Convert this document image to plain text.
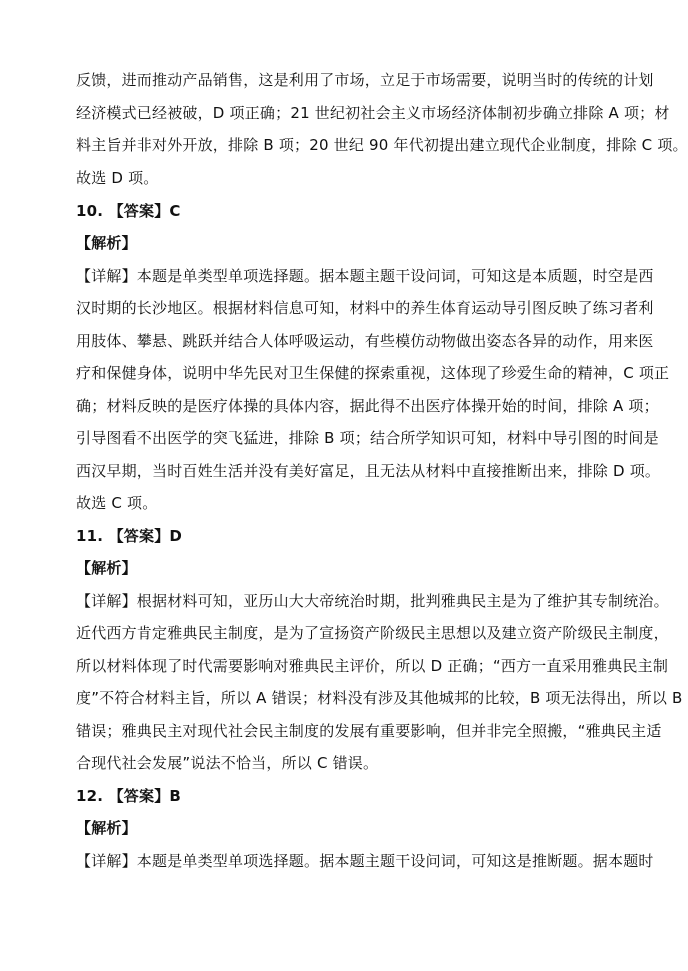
反馈，进而推动产品销售，这是利用了市场，立足于市场需要，说明当时的传统的计划
经济模式已经被破，D 项正确；21 世纪初社会主义市场经济体制初步确立排除 A 项；材
料主旨并非对外开放，排除 B 项；20 世纪 90 年代初提出建立现代企业制度，排除 C 项。
故选 D 项。
10. 【答案】C
【解析】
【详解】本题是单类型单项选择题。据本题主题干设问词，可知这是本质题，时空是西
汉时期的长沙地区。根据材料信息可知，材料中的养生体育运动导引图反映了练习者利
用肢体、攀悬、跳跃并结合人体呼吸运动，有些模仿动物做出姿态各异的动作，用来医
疗和保健身体，说明中华先民对卫生保健的探索重视，这体现了珍爱生命的精神，C 项正
确；材料反映的是医疗体操的具体内容，据此得不出医疗体操开始的时间，排除 A 项；
引导图看不出医学的突飞猛进，排除 B 项；结合所学知识可知，材料中导引图的时间是
西汉早期，当时百姓生活并没有美好富足，且无法从材料中直接推断出来，排除 D 项。
故选 C 项。
11. 【答案】D
【解析】
【详解】根据材料可知，亚历山大大帝统治时期，批判雅典民主是为了维护其专制统治。
近代西方肯定雅典民主制度，是为了宣扬资产阶级民主思想以及建立资产阶级民主制度，
所以材料体现了时代需要影响对雅典民主评价，所以 D 正确；“西方一直采用雅典民主制
度”不符合材料主旨，所以 A 错误；材料没有涉及其他城邦的比较，B 项无法得出，所以 B
错误；雅典民主对现代社会民主制度的发展有重要影响，但并非完全照搬，“雅典民主适
合现代社会发展”说法不恰当，所以 C 错误。
12. 【答案】B
【解析】
【详解】本题是单类型单项选择题。据本题主题干设问词，可知这是推断题。据本题时
